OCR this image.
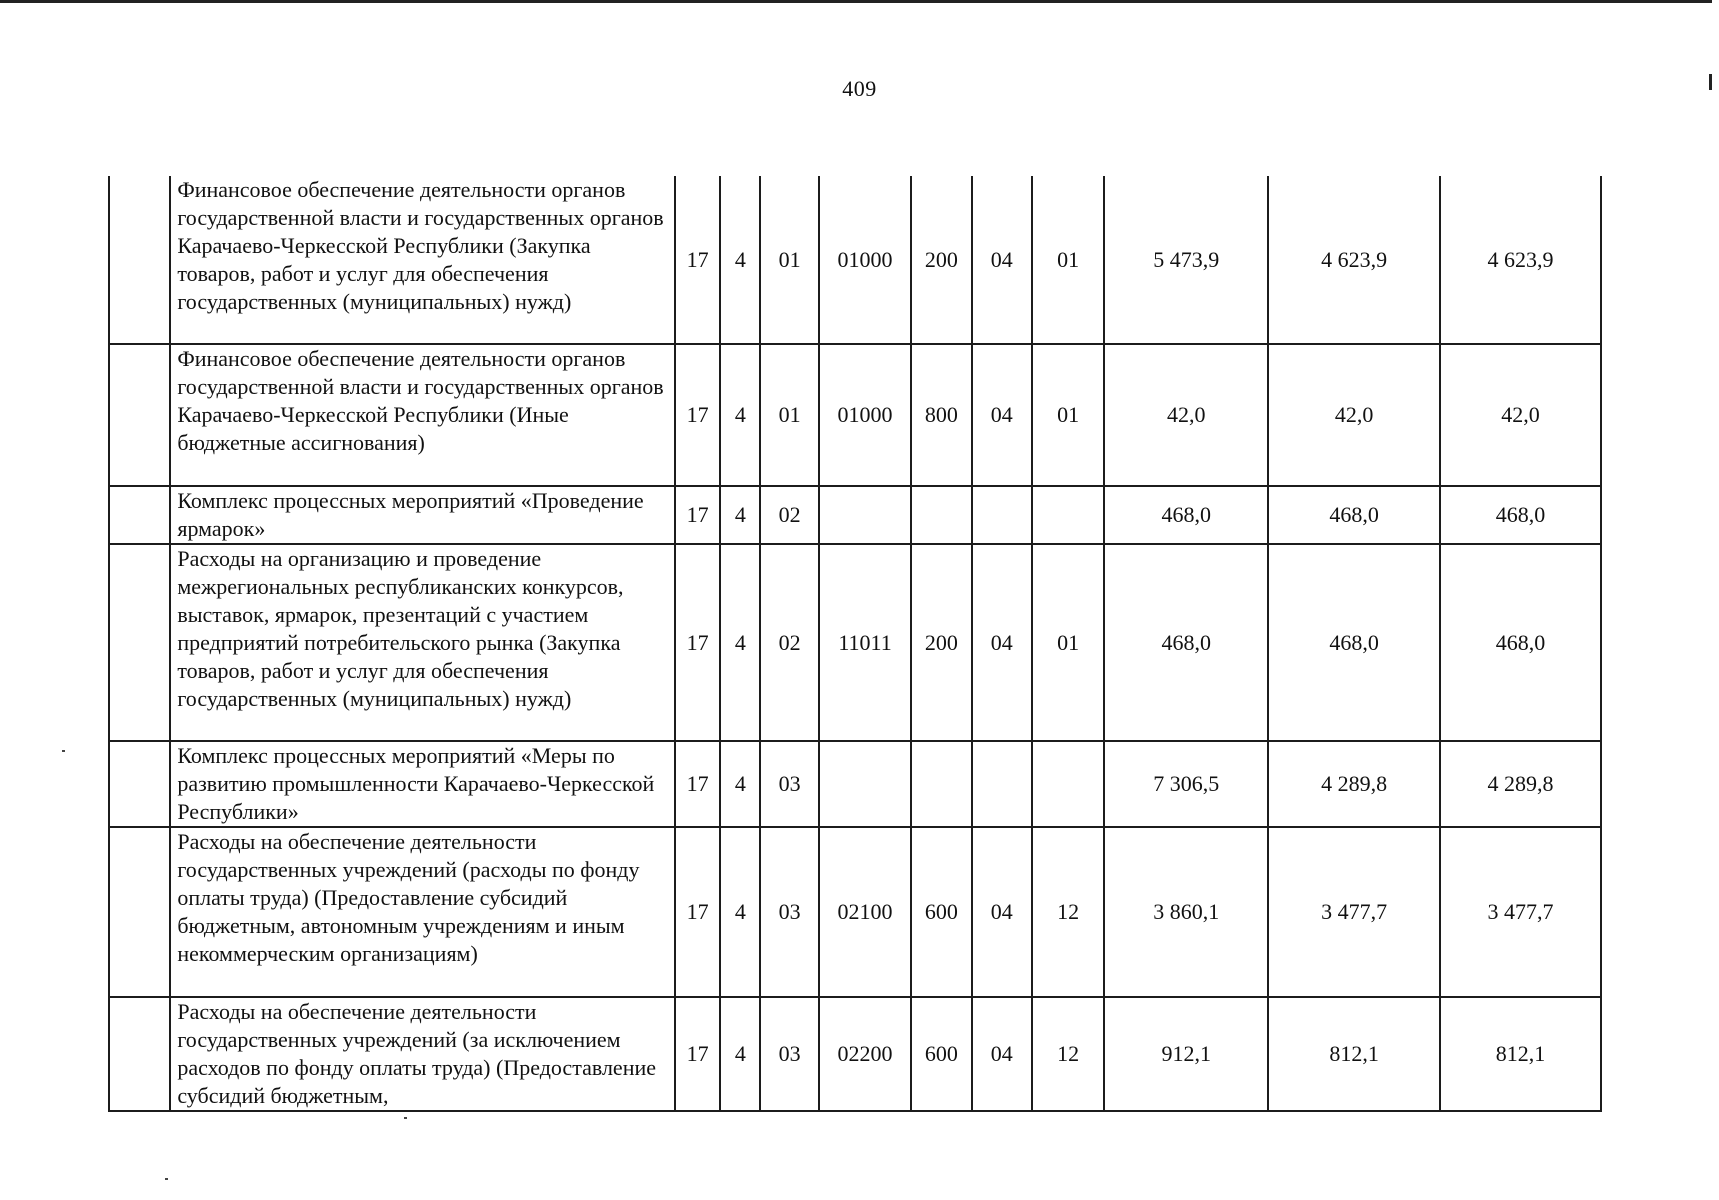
409
	Финансовое обеспечение деятельности органов государственной власти и государственных органов Карачаево-Черкесской Республики (Закупка товаров, работ и услуг для обеспечения государственных (муниципальных) нужд)	17	4	01	01000	200	04	01	5 473,9	4 623,9	4 623,9
	Финансовое обеспечение деятельности органов государственной власти и государственных органов Карачаево-Черкесской Республики (Иные бюджетные ассигнования)	17	4	01	01000	800	04	01	42,0	42,0	42,0
	Комплекс процессных мероприятий «Проведение ярмарок»	17	4	02					468,0	468,0	468,0
	Расходы на организацию и проведение межрегиональных республиканских конкурсов, выставок, ярмарок, презентаций с участием предприятий потребительского рынка (Закупка товаров, работ и услуг для обеспечения государственных (муниципальных) нужд)	17	4	02	11011	200	04	01	468,0	468,0	468,0
	Комплекс процессных мероприятий «Меры по развитию промышленности Карачаево-Черкесской Республики»	17	4	03					7 306,5	4 289,8	4 289,8
	Расходы на обеспечение деятельности государственных учреждений (расходы по фонду оплаты труда) (Предоставление субсидий бюджетным, автономным учреждениям и иным некоммерческим организациям)	17	4	03	02100	600	04	12	3 860,1	3 477,7	3 477,7
	Расходы на обеспечение деятельности государственных учреждений (за исключением расходов по фонду оплаты труда) (Предоставление субсидий бюджетным,	17	4	03	02200	600	04	12	912,1	812,1	812,1
